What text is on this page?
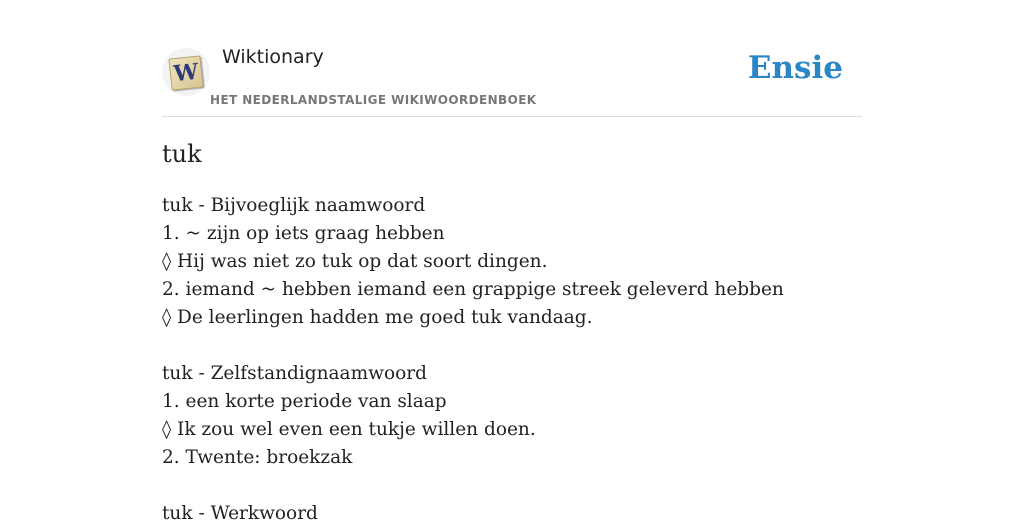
W
Wiktionary
HET NEDERLANDSTALIGE WIKIWOORDENBOEK
Ensie
tuk
tuk - Bijvoeglijk naamwoord
1. ~ zijn op iets graag hebben
◊ Hij was niet zo tuk op dat soort dingen.
2. iemand ~ hebben iemand een grappige streek geleverd hebben
◊ De leerlingen hadden me goed tuk vandaag.
tuk - Zelfstandignaamwoord
1. een korte periode van slaap
◊ Ik zou wel even een tukje willen doen.
2. Twente: broekzak
tuk - Werkwoord
